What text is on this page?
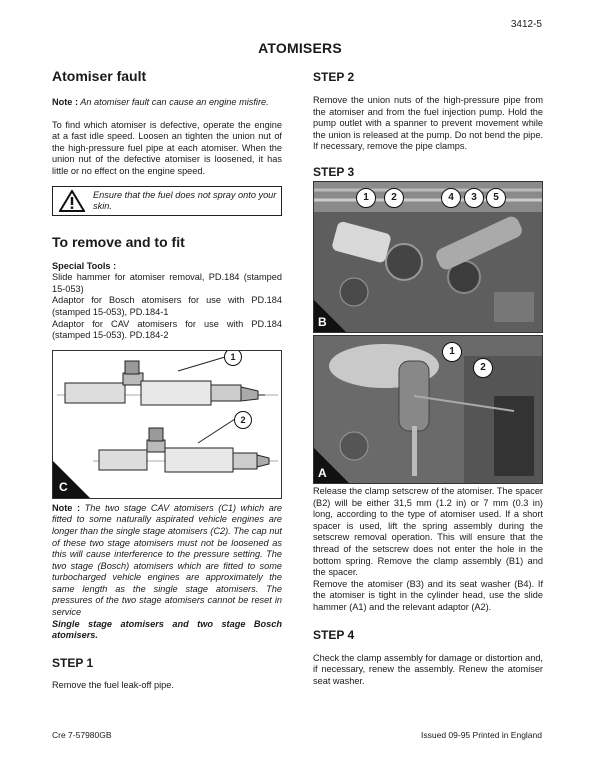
3412-5
ATOMISERS
Atomiser fault

Note : An atomiser fault can cause an engine misfire.

To find which atomiser is defective, operate the engine at a fast idle speed. Loosen an tighten the union nut of the high-pressure fuel pipe at each atomiser. When the union nut of the defective atomiser is loosened, it has little or no effect on the engine speed.

Ensure that the fuel does not spray onto your skin.

To remove and to fit

Special Tools :

Slide hammer for atomiser removal, PD.184 (stamped 15-053)

Adaptor for Bosch atomisers for use with PD.184 (stamped 15-053), PD.184-1

Adaptor for CAV atomisers for use with PD.184 (stamped 15-053). PD.184-2

1
2
C

Note : The two stage CAV atomisers (C1) which are fitted to some naturally aspirated vehicle engines are longer than the single stage atomisers (C2). The cap nut of these two stage atomisers must not be loosened as this will cause interference to the pressure setting. The two stage (Bosch) atomisers which are fitted to some turbocharged vehicle engines are approximately the same length as the single stage atomisers. The pressures of the two stage atomisers cannot be reset in service

Single stage atomisers and two stage Bosch atomisers.

STEP 1

Remove the fuel leak-off pipe.

STEP 2

Remove the union nuts of the high-pressure pipe from the atomiser and from the fuel injection pump. Hold the pump outlet with a spanner to prevent movement while the union is released at the pump. Do not bend the pipe. If necessary, remove the pipe clamps.

STEP 3
1	2	4	3	5
B
1
2
A

Release the clamp setscrew of the atomiser. The spacer (B2) will be either 31,5 mm (1.2 in) or 7 mm (0.3 in) long, according to the type of atomiser used. If a short spacer is used, lift the spring assembly during the setscrew removal operation. This will ensure that the thread of the setscrew does not enter the hole in the bottom spring. Remove the clamp assembly (B1) and the spacer.

Remove the atomiser (B3) and its seat washer (B4). If the atomiser is tight in the cylinder head, use the slide hammer (A1) and the relevant adaptor (A2).

STEP 4

Check the clamp assembly for damage or distortion and, if necessary, renew the assembly. Renew the atomiser seat washer.

Cre 7-57980GB	Issued 09-95 Printed in England
